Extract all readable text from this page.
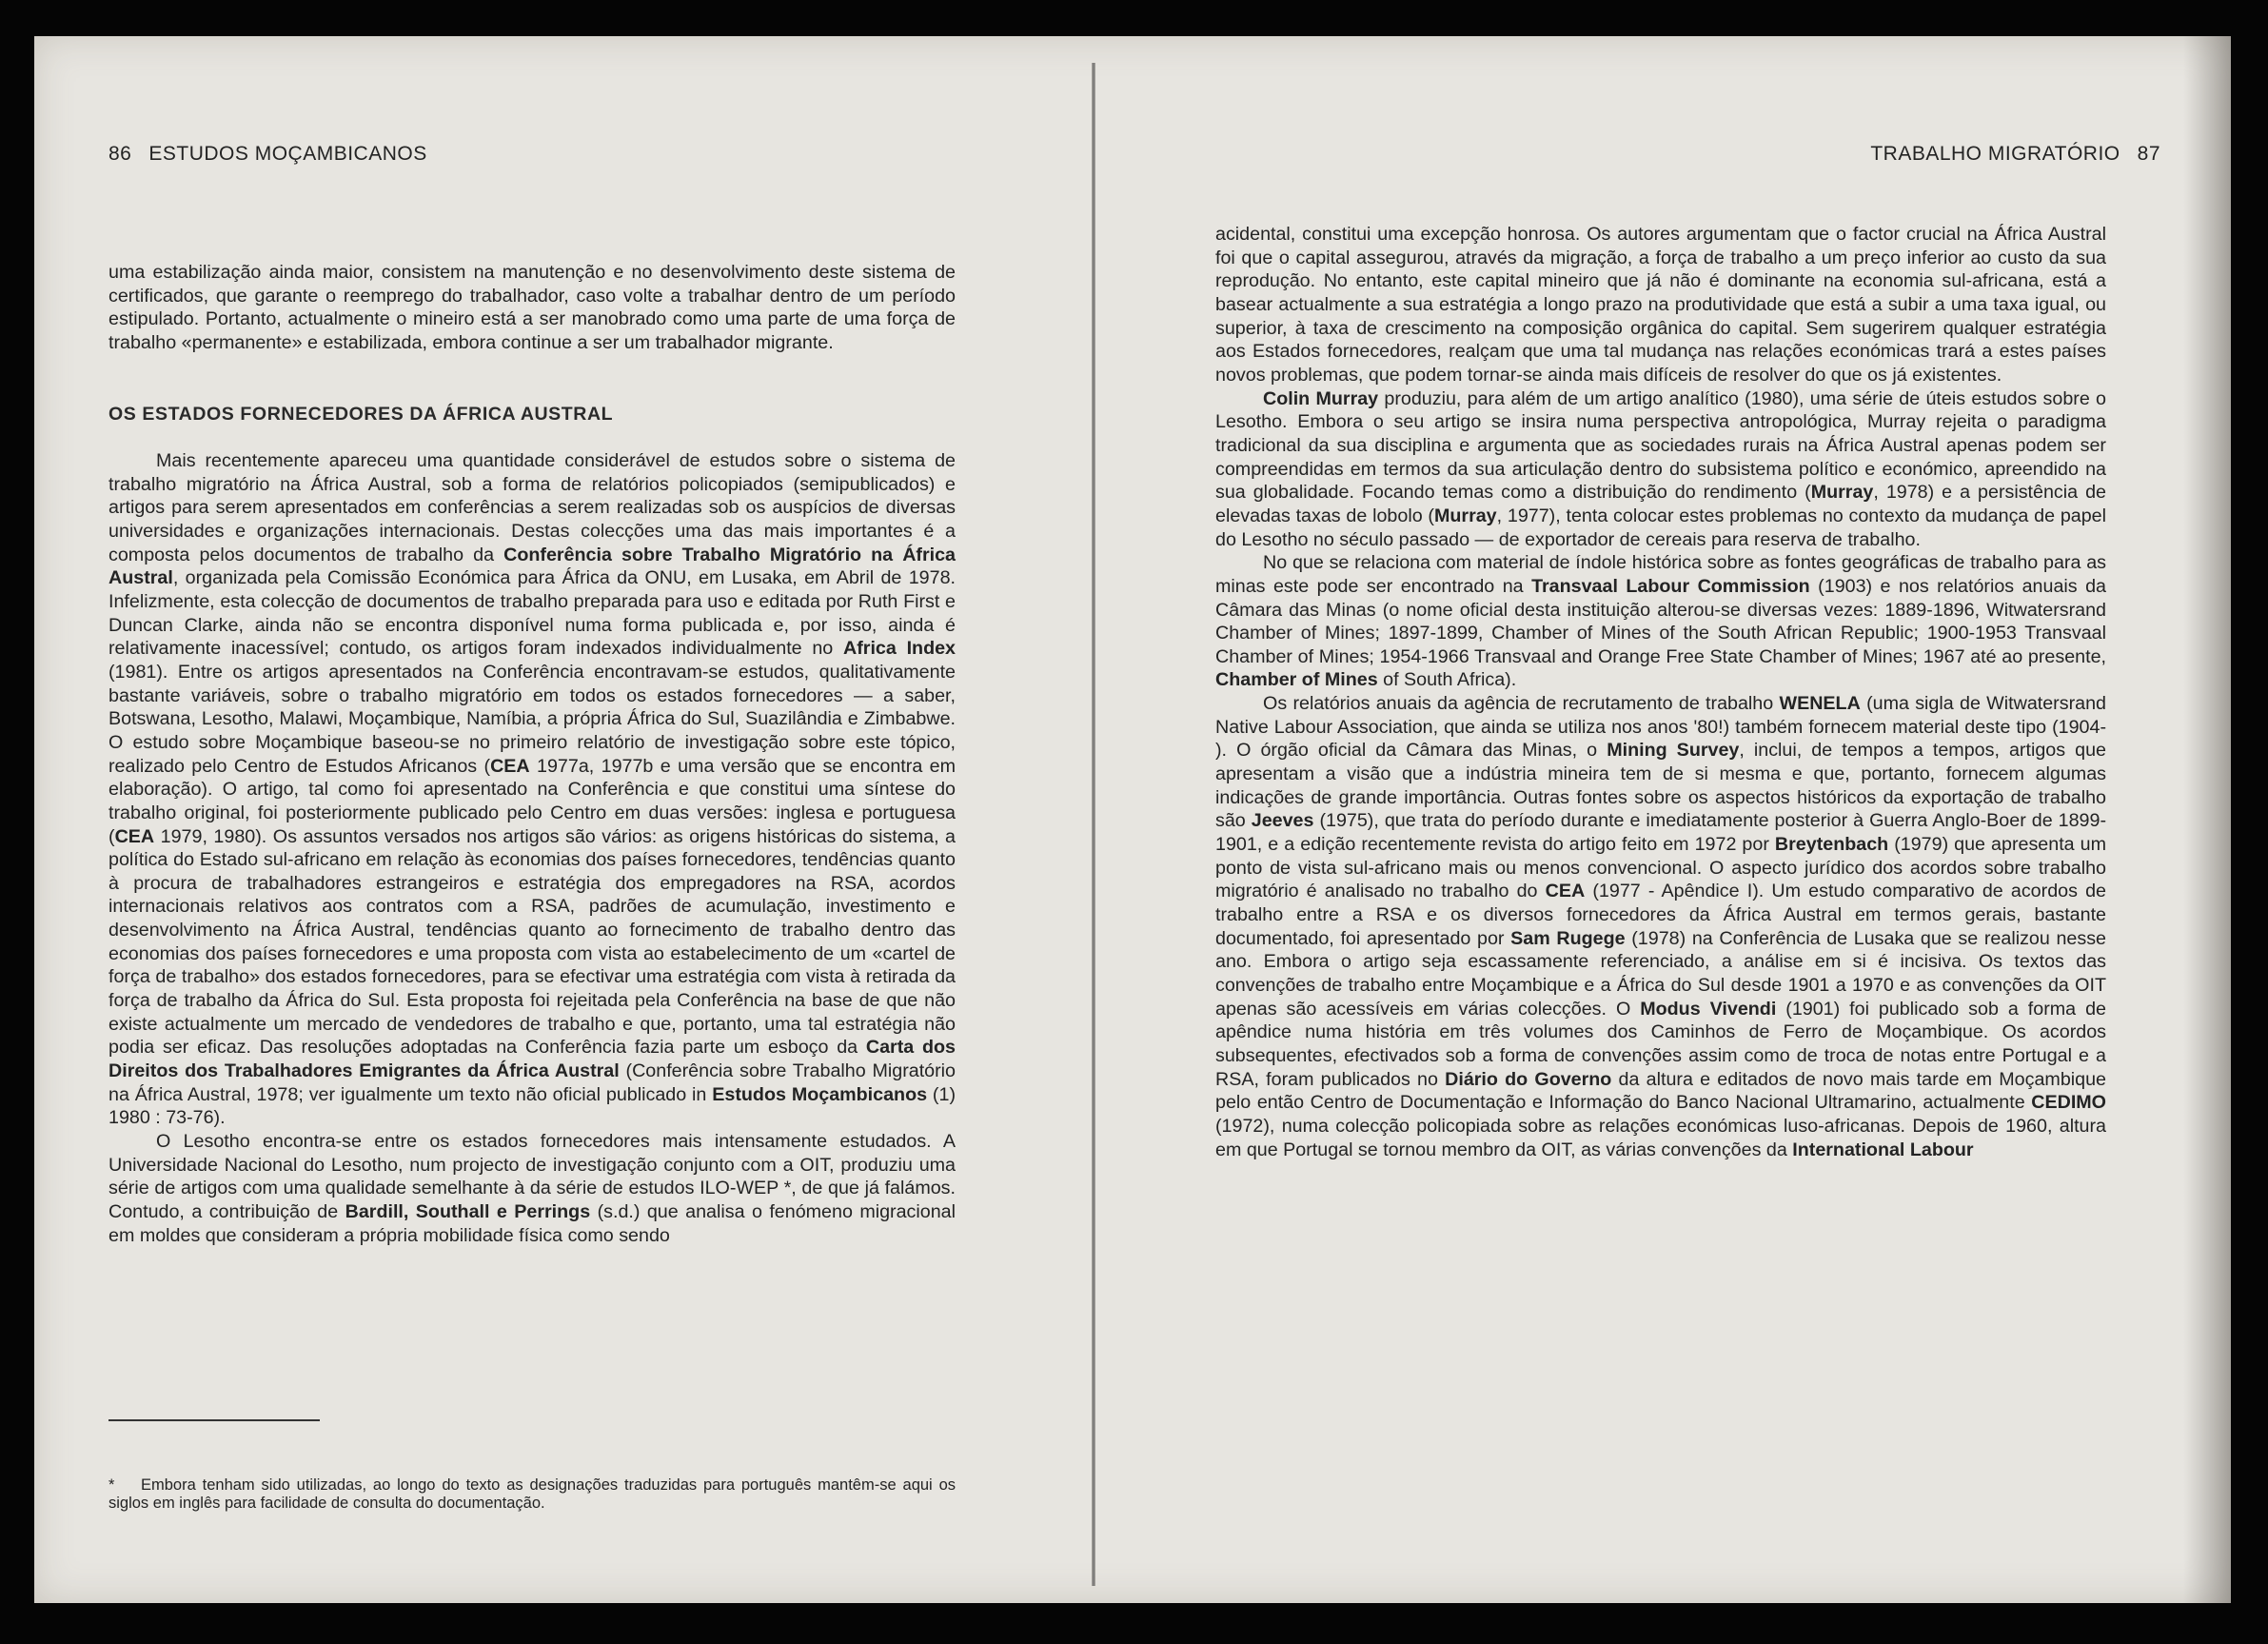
86 ESTUDOS MOÇAMBICANOS

uma estabilização ainda maior, consistem na manutenção e no desenvolvimento deste sistema de certificados, que garante o reemprego do trabalhador, caso volte a trabalhar dentro de um período estipulado. Portanto, actualmente o mineiro está a ser manobrado como uma parte de uma força de trabalho «permanente» e estabilizada, embora continue a ser um trabalhador migrante.

OS ESTADOS FORNECEDORES DA ÁFRICA AUSTRAL

Mais recentemente apareceu uma quantidade considerável de estudos sobre o sistema de trabalho migratório na África Austral, sob a forma de relatórios policopiados (semipublicados) e artigos para serem apresentados em conferências a serem realizadas sob os auspícios de diversas universidades e organizações internacionais. Destas colecções uma das mais importantes é a composta pelos documentos de trabalho da Conferência sobre Trabalho Migratório na África Austral, organizada pela Comissão Económica para África da ONU, em Lusaka, em Abril de 1978. Infelizmente, esta colecção de documentos de trabalho preparada para uso e editada por Ruth First e Duncan Clarke, ainda não se encontra disponível numa forma publicada e, por isso, ainda é relativamente inacessível; contudo, os artigos foram indexados individualmente no Africa Index (1981). Entre os artigos apresentados na Conferência encontravam-se estudos, qualitativamente bastante variáveis, sobre o trabalho migratório em todos os estados fornecedores — a saber, Botswana, Lesotho, Malawi, Moçambique, Namíbia, a própria África do Sul, Suazilândia e Zimbabwe. O estudo sobre Moçambique baseou-se no primeiro relatório de investigação sobre este tópico, realizado pelo Centro de Estudos Africanos (CEA 1977a, 1977b e uma versão que se encontra em elaboração). O artigo, tal como foi apresentado na Conferência e que constitui uma síntese do trabalho original, foi posteriormente publicado pelo Centro em duas versões: inglesa e portuguesa (CEA 1979, 1980). Os assuntos versados nos artigos são vários: as origens históricas do sistema, a política do Estado sul-africano em relação às economias dos países fornecedores, tendências quanto à procura de trabalhadores estrangeiros e estratégia dos empregadores na RSA, acordos internacionais relativos aos contratos com a RSA, padrões de acumulação, investimento e desenvolvimento na África Austral, tendências quanto ao fornecimento de trabalho dentro das economias dos países fornecedores e uma proposta com vista ao estabelecimento de um «cartel de força de trabalho» dos estados fornecedores, para se efectivar uma estratégia com vista à retirada da força de trabalho da África do Sul. Esta proposta foi rejeitada pela Conferência na base de que não existe actualmente um mercado de vendedores de trabalho e que, portanto, uma tal estratégia não podia ser eficaz. Das resoluções adoptadas na Conferência fazia parte um esboço da Carta dos Direitos dos Trabalhadores Emigrantes da África Austral (Conferência sobre Trabalho Migratório na África Austral, 1978; ver igualmente um texto não oficial publicado in Estudos Moçambicanos (1) 1980 : 73-76).

O Lesotho encontra-se entre os estados fornecedores mais intensamente estudados. A Universidade Nacional do Lesotho, num projecto de investigação conjunto com a OIT, produziu uma série de artigos com uma qualidade semelhante à da série de estudos ILO-WEP *, de que já falámos. Contudo, a contribuição de Bardill, Southall e Perrings (s.d.) que analisa o fenómeno migracional em moldes que consideram a própria mobilidade física como sendo

* Embora tenham sido utilizadas, ao longo do texto as designações traduzidas para português mantêm-se aqui os siglos em inglês para facilidade de consulta do documentação.
TRABALHO MIGRATÓRIO 87

acidental, constitui uma excepção honrosa. Os autores argumentam que o factor crucial na África Austral foi que o capital assegurou, através da migração, a força de trabalho a um preço inferior ao custo da sua reprodução. No entanto, este capital mineiro que já não é dominante na economia sul-africana, está a basear actualmente a sua estratégia a longo prazo na produtividade que está a subir a uma taxa igual, ou superior, à taxa de crescimento na composição orgânica do capital. Sem sugerirem qualquer estratégia aos Estados fornecedores, realçam que uma tal mudança nas relações económicas trará a estes países novos problemas, que podem tornar-se ainda mais difíceis de resolver do que os já existentes.

Colin Murray produziu, para além de um artigo analítico (1980), uma série de úteis estudos sobre o Lesotho. Embora o seu artigo se insira numa perspectiva antropológica, Murray rejeita o paradigma tradicional da sua disciplina e argumenta que as sociedades rurais na África Austral apenas podem ser compreendidas em termos da sua articulação dentro do subsistema político e económico, apreendido na sua globalidade. Focando temas como a distribuição do rendimento (Murray, 1978) e a persistência de elevadas taxas de lobolo (Murray, 1977), tenta colocar estes problemas no contexto da mudança de papel do Lesotho no século passado — de exportador de cereais para reserva de trabalho.

No que se relaciona com material de índole histórica sobre as fontes geográficas de trabalho para as minas este pode ser encontrado na Transvaal Labour Commission (1903) e nos relatórios anuais da Câmara das Minas (o nome oficial desta instituição alterou-se diversas vezes: 1889-1896, Witwatersrand Chamber of Mines; 1897-1899, Chamber of Mines of the South African Republic; 1900-1953 Transvaal Chamber of Mines; 1954-1966 Transvaal and Orange Free State Chamber of Mines; 1967 até ao presente, Chamber of Mines of South Africa).

Os relatórios anuais da agência de recrutamento de trabalho WENELA (uma sigla de Witwatersrand Native Labour Association, que ainda se utiliza nos anos '80!) também fornecem material deste tipo (1904- ). O órgão oficial da Câmara das Minas, o Mining Survey, inclui, de tempos a tempos, artigos que apresentam a visão que a indústria mineira tem de si mesma e que, portanto, fornecem algumas indicações de grande importância. Outras fontes sobre os aspectos históricos da exportação de trabalho são Jeeves (1975), que trata do período durante e imediatamente posterior à Guerra Anglo-Boer de 1899-1901, e a edição recentemente revista do artigo feito em 1972 por Breytenbach (1979) que apresenta um ponto de vista sul-africano mais ou menos convencional. O aspecto jurídico dos acordos sobre trabalho migratório é analisado no trabalho do CEA (1977 - Apêndice I). Um estudo comparativo de acordos de trabalho entre a RSA e os diversos fornecedores da África Austral em termos gerais, bastante documentado, foi apresentado por Sam Rugege (1978) na Conferência de Lusaka que se realizou nesse ano. Embora o artigo seja escassamente referenciado, a análise em si é incisiva. Os textos das convenções de trabalho entre Moçambique e a África do Sul desde 1901 a 1970 e as convenções da OIT apenas são acessíveis em várias colecções. O Modus Vivendi (1901) foi publicado sob a forma de apêndice numa história em três volumes dos Caminhos de Ferro de Moçambique. Os acordos subsequentes, efectivados sob a forma de convenções assim como de troca de notas entre Portugal e a RSA, foram publicados no Diário do Governo da altura e editados de novo mais tarde em Moçambique pelo então Centro de Documentação e Informação do Banco Nacional Ultramarino, actualmente CEDIMO (1972), numa colecção policopiada sobre as relações económicas luso-africanas. Depois de 1960, altura em que Portugal se tornou membro da OIT, as várias convenções da International Labour
